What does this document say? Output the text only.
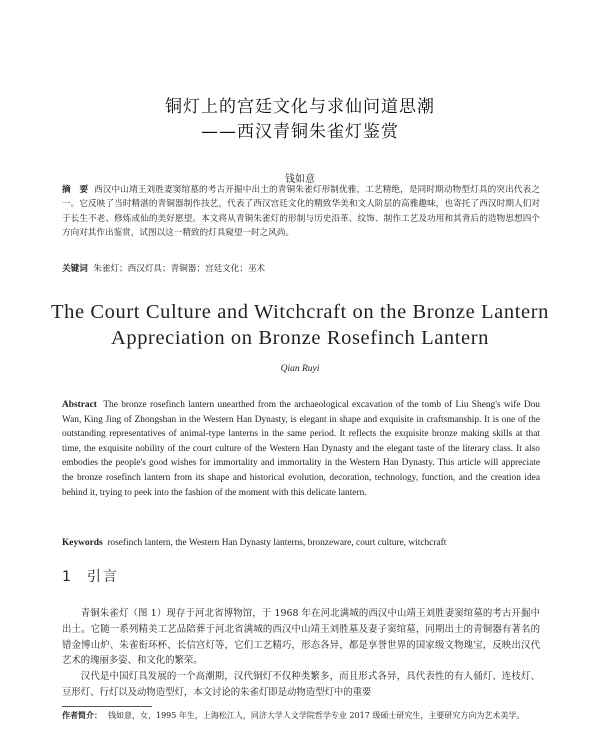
铜灯上的宫廷文化与求仙问道思潮
——西汉青铜朱雀灯鉴赏
钱如意
摘　要 西汉中山靖王刘胜妻窦绾墓的考古开掘中出土的青铜朱雀灯形制优雅，工艺精绝，是同时期动物型灯具的突出代表之一。它反映了当时精湛的青铜器制作技艺，代表了西汉宫廷文化的精致华美和文人阶层的高雅趣味，也寄托了西汉时期人们对于长生不老、修炼成仙的美好愿望。本文将从青铜朱雀灯的形制与历史沿革、纹饰、制作工艺及功用和其背后的造物思想四个方向对其作出鉴赏，试图以这一精致的灯具窥望一时之风尚。
关键词 朱雀灯；西汉灯具；青铜器；宫廷文化；巫术
The Court Culture and Witchcraft on the Bronze Lantern
Appreciation on Bronze Rosefinch Lantern
Qian Ruyi
Abstract The bronze rosefinch lantern unearthed from the archaeological excavation of the tomb of Liu Sheng's wife Dou Wan, King Jing of Zhongshan in the Western Han Dynasty, is elegant in shape and exquisite in craftsmanship. It is one of the outstanding representatives of animal-type lanterns in the same period. It reflects the exquisite bronze making skills at that time, the exquisite nobility of the court culture of the Western Han Dynasty and the elegant taste of the literary class. It also embodies the people's good wishes for immortality and immortality in the Western Han Dynasty. This article will appreciate the bronze rosefinch lantern from its shape and historical evolution, decoration, technology, function, and the creation idea behind it, trying to peek into the fashion of the moment with this delicate lantern.
Keywords rosefinch lantern, the Western Han Dynasty lanterns, bronzeware, court culture, witchcraft
1 引言

青铜朱雀灯（图 1）现存于河北省博物馆，于 1968 年在河北满城的西汉中山靖王刘胜妻窦绾墓的考古开掘中出土。它随一系列精美工艺品陪葬于河北省满城的西汉中山靖王刘胜墓及妻子窦绾墓，同期出土的青铜器有著名的错金博山炉、朱雀衔环杯、长信宫灯等，它们工艺精巧，形态各异，都是享誉世界的国家级文物瑰宝，反映出汉代艺术的瑰丽多姿、和文化的繁荣。

汉代是中国灯具发展的一个高潮期，汉代铜灯不仅种类繁多，而且形式各异，具代表性的有人俑灯、连枝灯、豆形灯、行灯以及动物造型灯，本文讨论的朱雀灯即是动物造型灯中的重要

作者简介： 钱如意，女，1995 年生，上海松江人，同济大学人文学院哲学专业 2017 级硕士研究生，主要研究方向为艺术美学。
